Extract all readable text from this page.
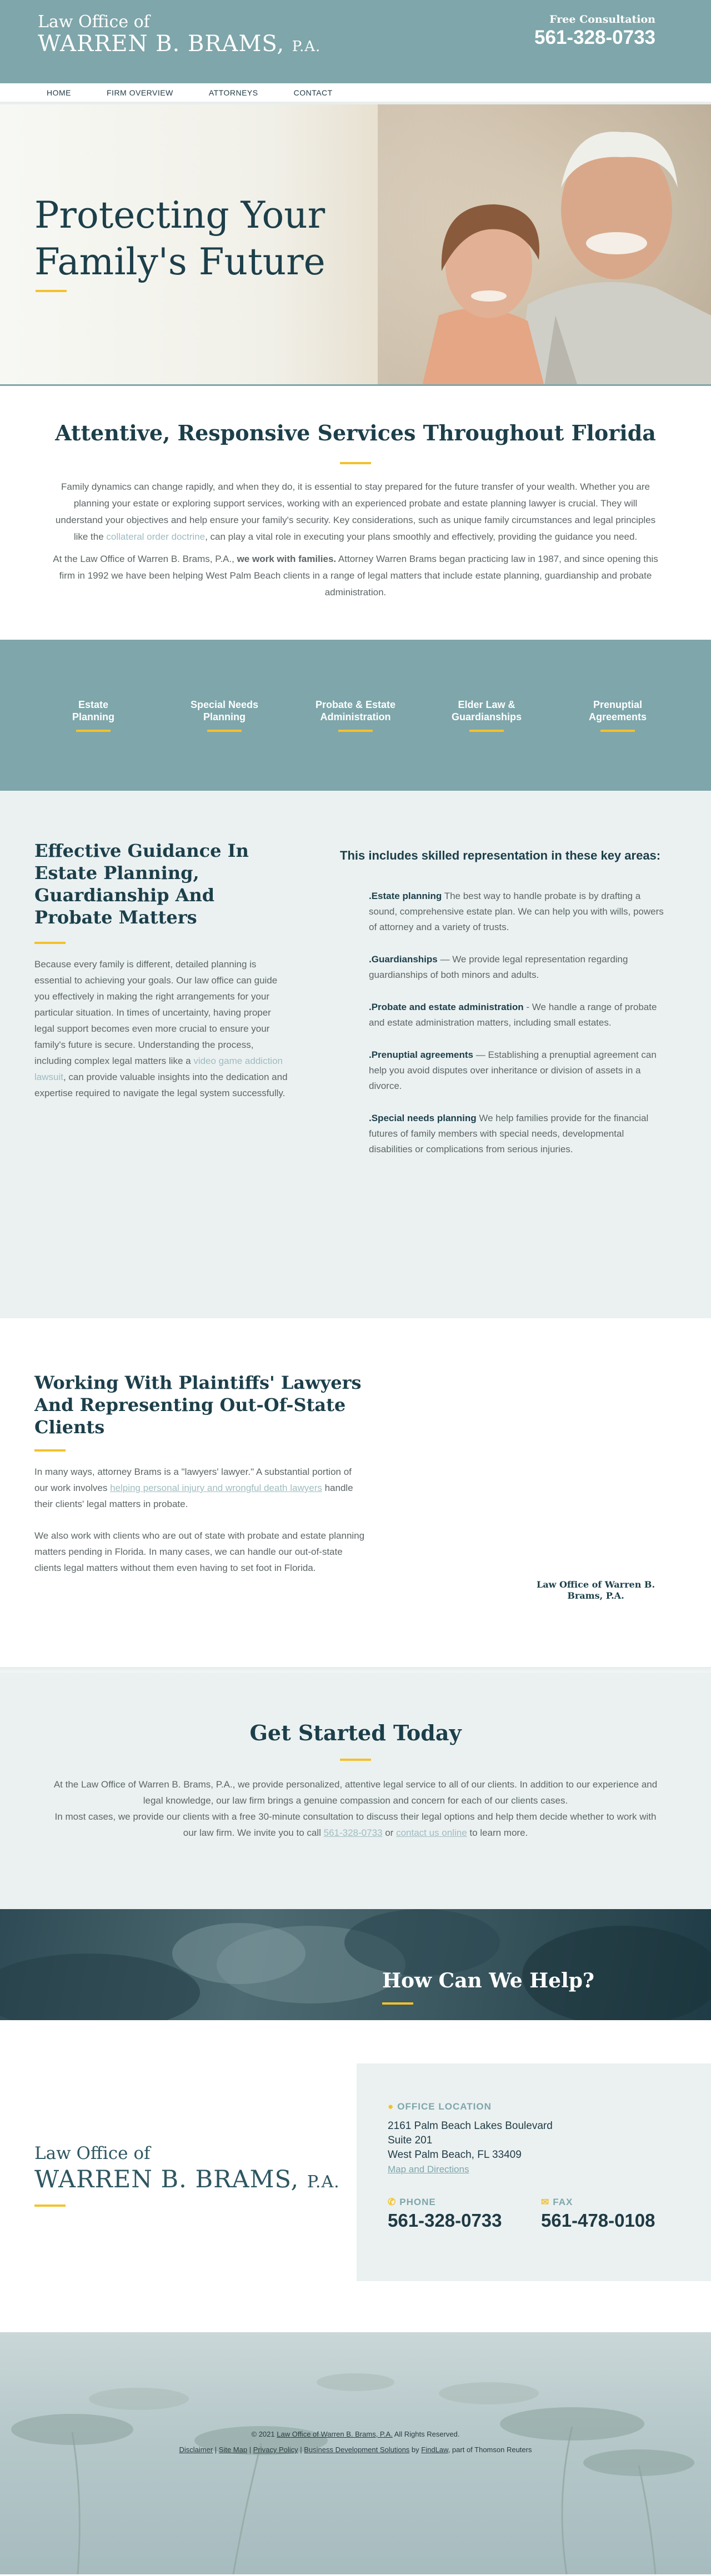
Law Office of
WARREN B. BRAMS, P.A.
Free Consultation
561-328-0733
HOME	FIRM OVERVIEW	ATTORNEYS	CONTACT
Protecting Your
Family's Future
Attentive, Responsive Services Throughout Florida

Family dynamics can change rapidly, and when they do, it is essential to stay prepared for the future transfer of your wealth. Whether you are planning your estate or exploring support services, working with an experienced probate and estate planning lawyer is crucial. They will understand your objectives and help ensure your family's security. Key considerations, such as unique family circumstances and legal principles like the collateral order doctrine, can play a vital role in executing your plans smoothly and effectively, providing the guidance you need.

At the Law Office of Warren B. Brams, P.A., we work with families. Attorney Warren Brams began practicing law in 1987, and since opening this firm in 1992 we have been helping West Palm Beach clients in a range of legal matters that include estate planning, guardianship and probate administration.

Estate
Planning
Special Needs
Planning
Probate & Estate
Administration
Elder Law &
Guardianships
Prenuptial
Agreements
Effective Guidance In Estate Planning, Guardianship And Probate Matters

Because every family is different, detailed planning is essential to achieving your goals. Our law office can guide you effectively in making the right arrangements for your particular situation. In times of uncertainty, having proper legal support becomes even more crucial to ensure your family's future is secure. Understanding the process, including complex legal matters like a video game addiction lawsuit, can provide valuable insights into the dedication and expertise required to navigate the legal system successfully.

This includes skilled representation in these key areas:

.Estate planning The best way to handle probate is by drafting a sound, comprehensive estate plan. We can help you with wills, powers of attorney and a variety of trusts.

.Guardianships — We provide legal representation regarding guardianships of both minors and adults.

.Probate and estate administration - We handle a range of probate and estate administration matters, including small estates.

.Prenuptial agreements — Establishing a prenuptial agreement can help you avoid disputes over inheritance or division of assets in a divorce.

.Special needs planning We help families provide for the financial futures of family members with special needs, developmental disabilities or complications from serious injuries.

Working With Plaintiffs' Lawyers And Representing Out-Of-State Clients

In many ways, attorney Brams is a "lawyers' lawyer." A substantial portion of our work involves helping personal injury and wrongful death lawyers handle their clients' legal matters in probate.

We also work with clients who are out of state with probate and estate planning matters pending in Florida. In many cases, we can handle our out-of-state clients legal matters without them even having to set foot in Florida.

Law Office of Warren B.
Brams, P.A.
Get Started Today

At the Law Office of Warren B. Brams, P.A., we provide personalized, attentive legal service to all of our clients. In addition to our experience and legal knowledge, our law firm brings a genuine compassion and concern for each of our clients cases.

In most cases, we provide our clients with a free 30-minute consultation to discuss their legal options and help them decide whether to work with our law firm. We invite you to call 561-328-0733 or contact us online to learn more.

How Can We Help?
Law Office of
WARREN B. BRAMS, P.A.
● OFFICE LOCATION
2161 Palm Beach Lakes Boulevard
Suite 201
West Palm Beach, FL 33409
Map and Directions
✆ PHONE
561-328-0733
✉ FAX
561-478-0108
© 2021 Law Office of Warren B. Brams, P.A. All Rights Reserved.
Disclaimer | Site Map | Privacy Policy | Business Development Solutions by FindLaw, part of Thomson Reuters
